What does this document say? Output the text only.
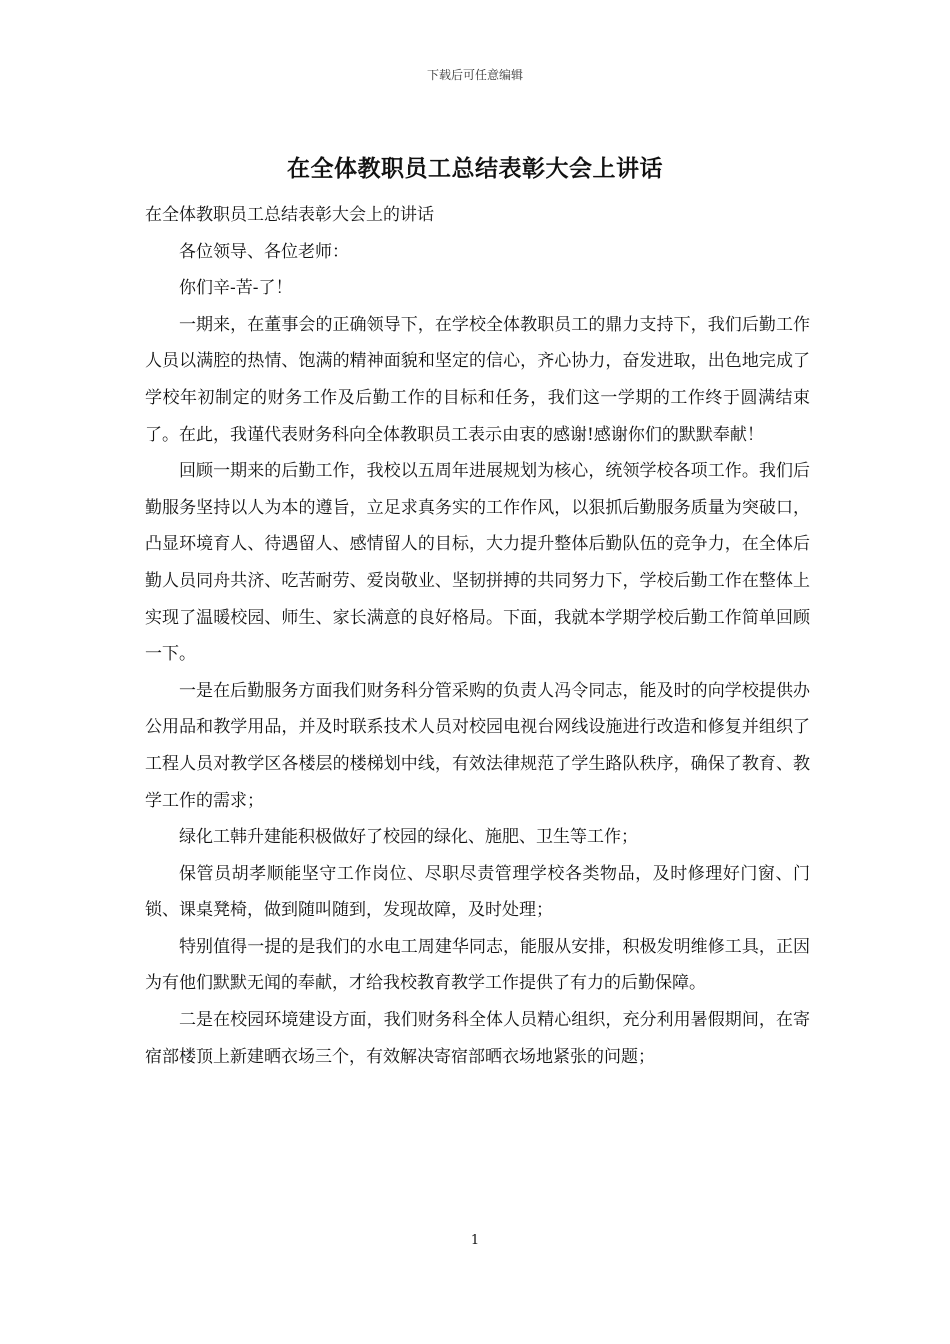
下载后可任意编辑
在全体教职员工总结表彰大会上讲话

在全体教职员工总结表彰大会上的讲话

各位领导、各位老师：

你们辛-苦-了！

一期来，在董事会的正确领导下，在学校全体教职员工的鼎力支持下，我们后勤工作人员以满腔的热情、饱满的精神面貌和坚定的信心，齐心协力，奋发进取，出色地完成了学校年初制定的财务工作及后勤工作的目标和任务，我们这一学期的工作终于圆满结束了。在此，我谨代表财务科向全体教职员工表示由衷的感谢!感谢你们的默默奉献！

回顾一期来的后勤工作，我校以五周年进展规划为核心，统领学校各项工作。我们后勤服务坚持以人为本的遵旨，立足求真务实的工作作风，以狠抓后勤服务质量为突破口，凸显环境育人、待遇留人、感情留人的目标，大力提升整体后勤队伍的竞争力，在全体后勤人员同舟共济、吃苦耐劳、爱岗敬业、坚韧拼搏的共同努力下，学校后勤工作在整体上实现了温暖校园、师生、家长满意的良好格局。下面，我就本学期学校后勤工作简单回顾一下。

一是在后勤服务方面我们财务科分管采购的负责人冯令同志，能及时的向学校提供办公用品和教学用品，并及时联系技术人员对校园电视台网线设施进行改造和修复并组织了工程人员对教学区各楼层的楼梯划中线，有效法律规范了学生路队秩序，确保了教育、教学工作的需求；

绿化工韩升建能积极做好了校园的绿化、施肥、卫生等工作；

保管员胡孝顺能坚守工作岗位、尽职尽责管理学校各类物品，及时修理好门窗、门锁、课桌凳椅，做到随叫随到，发现故障，及时处理；

特别值得一提的是我们的水电工周建华同志，能服从安排，积极发明维修工具，正因为有他们默默无闻的奉献，才给我校教育教学工作提供了有力的后勤保障。

二是在校园环境建设方面，我们财务科全体人员精心组织，充分利用暑假期间，在寄宿部楼顶上新建晒衣场三个，有效解决寄宿部晒衣场地紧张的问题；

1
